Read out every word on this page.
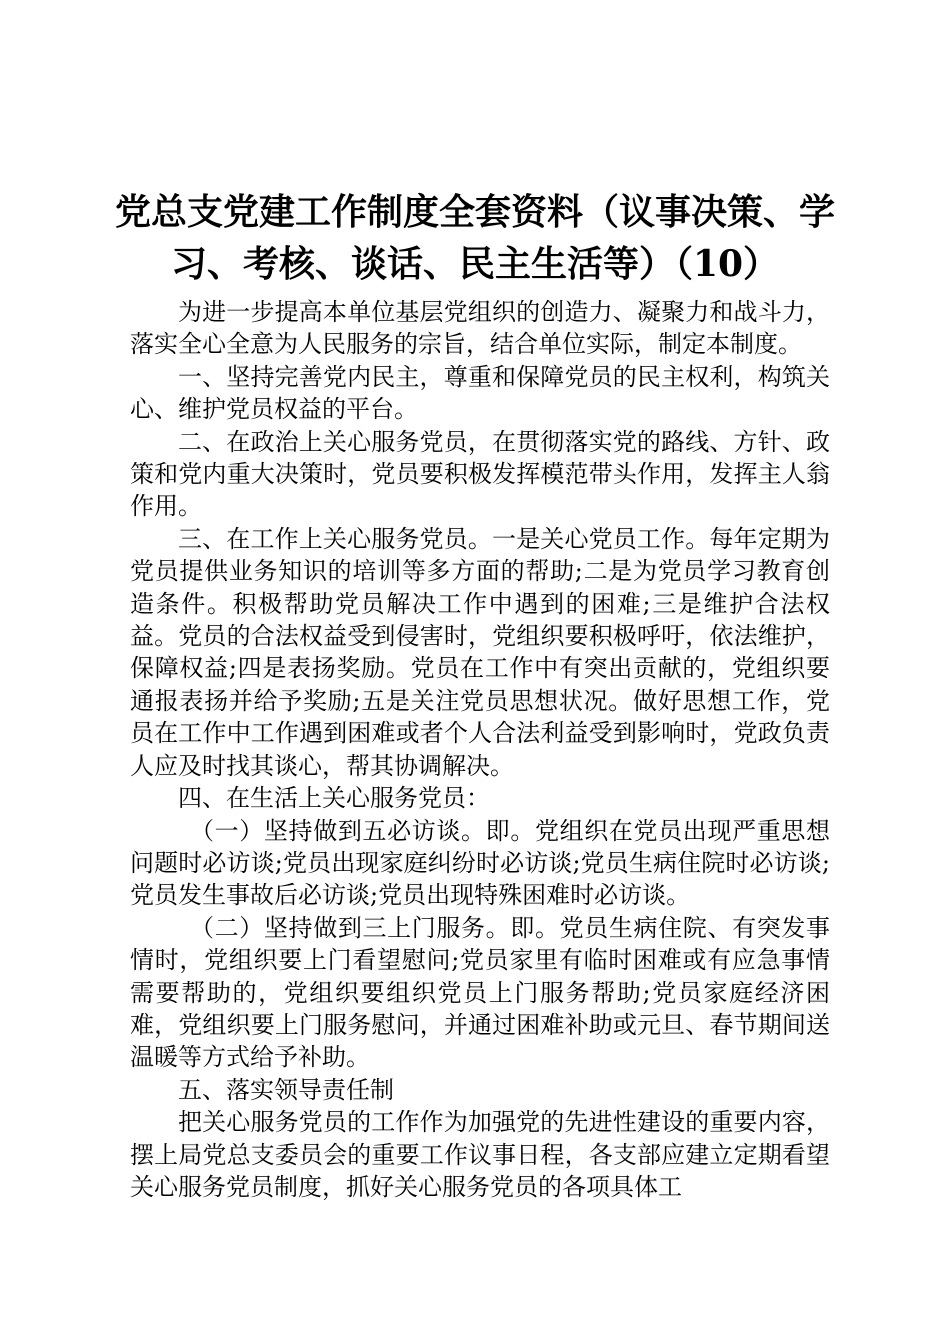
党总支党建工作制度全套资料（议事决策、学
习、考核、谈话、民主生活等）（10）

为进一步提高本单位基层党组织的创造力、凝聚力和战斗力，落实全心全意为人民服务的宗旨，结合单位实际，制定本制度。

一、坚持完善党内民主，尊重和保障党员的民主权利，构筑关心、维护党员权益的平台。

二、在政治上关心服务党员，在贯彻落实党的路线、方针、政策和党内重大决策时，党员要积极发挥模范带头作用，发挥主人翁作用。

三、在工作上关心服务党员。一是关心党员工作。每年定期为党员提供业务知识的培训等多方面的帮助;二是为党员学习教育创造条件。积极帮助党员解决工作中遇到的困难;三是维护合法权益。党员的合法权益受到侵害时，党组织要积极呼吁，依法维护，保障权益;四是表扬奖励。党员在工作中有突出贡献的，党组织要通报表扬并给予奖励;五是关注党员思想状况。做好思想工作，党员在工作中工作遇到困难或者个人合法利益受到影响时，党政负责人应及时找其谈心，帮其协调解决。

四、在生活上关心服务党员：

（一）坚持做到五必访谈。即。党组织在党员出现严重思想问题时必访谈;党员出现家庭纠纷时必访谈;党员生病住院时必访谈;党员发生事故后必访谈;党员出现特殊困难时必访谈。

（二）坚持做到三上门服务。即。党员生病住院、有突发事情时，党组织要上门看望慰问;党员家里有临时困难或有应急事情需要帮助的，党组织要组织党员上门服务帮助;党员家庭经济困难，党组织要上门服务慰问，并通过困难补助或元旦、春节期间送温暖等方式给予补助。

五、落实领导责任制

把关心服务党员的工作作为加强党的先进性建设的重要内容，摆上局党总支委员会的重要工作议事日程，各支部应建立定期看望关心服务党员制度，抓好关心服务党员的各项具体工
